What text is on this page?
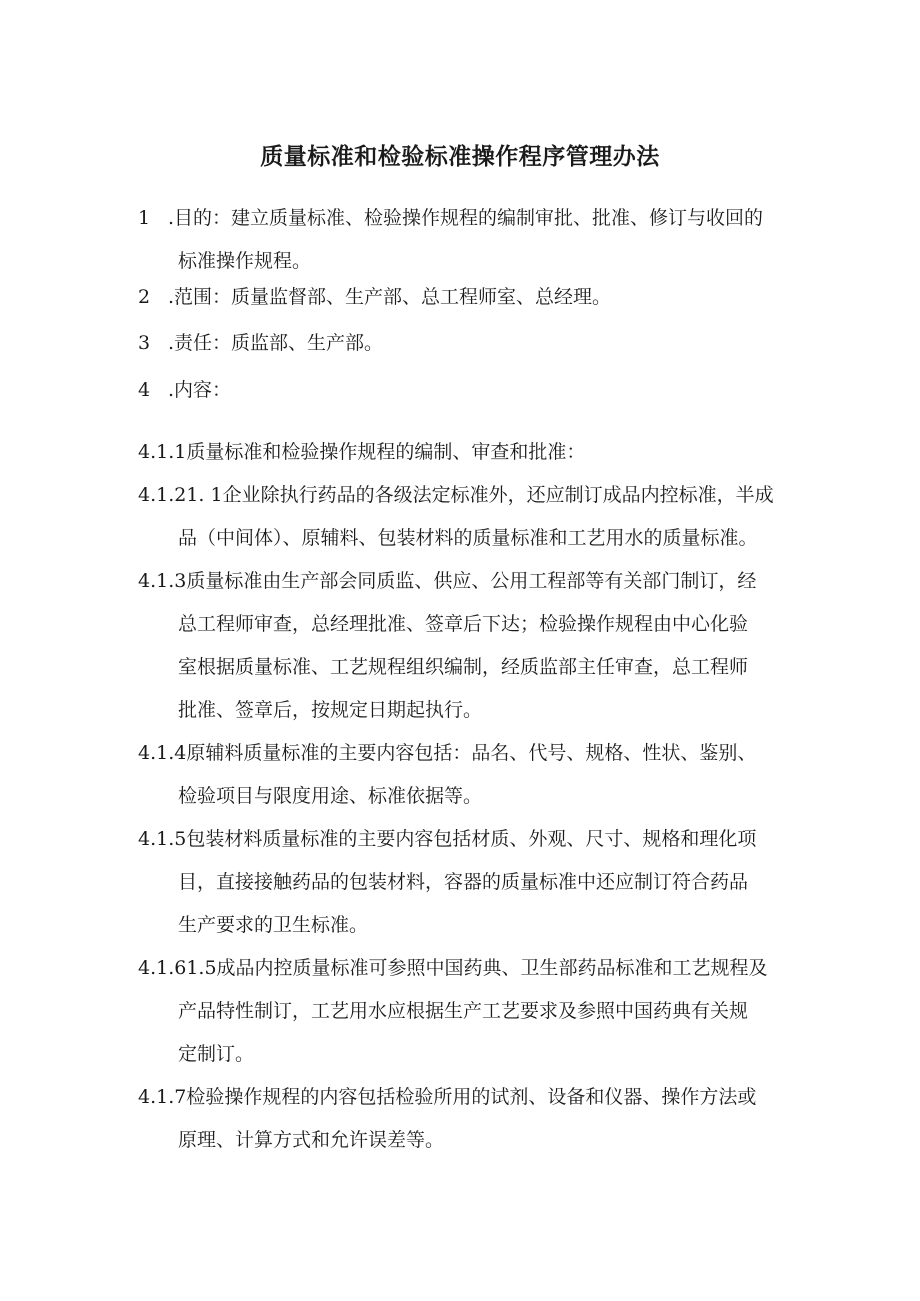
质量标准和检验标准操作程序管理办法
1 .目的：建立质量标准、检验操作规程的编制审批、批准、修订与收回的
标准操作规程。
2 .范围：质量监督部、生产部、总工程师室、总经理。
3 .责任：质监部、生产部。
4 .内容：
4.1.1质量标准和检验操作规程的编制、审查和批准：
4.1.21. 1企业除执行药品的各级法定标准外，还应制订成品内控标准，半成
品（中间体）、原辅料、包装材料的质量标准和工艺用水的质量标准。
4.1.3质量标准由生产部会同质监、供应、公用工程部等有关部门制订，经
总工程师审查，总经理批准、签章后下达；检验操作规程由中心化验
室根据质量标准、工艺规程组织编制，经质监部主任审查，总工程师
批准、签章后，按规定日期起执行。
4.1.4原辅料质量标准的主要内容包括：品名、代号、规格、性状、鉴别、
检验项目与限度用途、标准依据等。
4.1.5包装材料质量标准的主要内容包括材质、外观、尺寸、规格和理化项
目，直接接触药品的包装材料，容器的质量标准中还应制订符合药品
生产要求的卫生标准。
4.1.61.5成品内控质量标准可参照中国药典、卫生部药品标准和工艺规程及
产品特性制订，工艺用水应根据生产工艺要求及参照中国药典有关规
定制订。
4.1.7检验操作规程的内容包括检验所用的试剂、设备和仪器、操作方法或
原理、计算方式和允许误差等。
